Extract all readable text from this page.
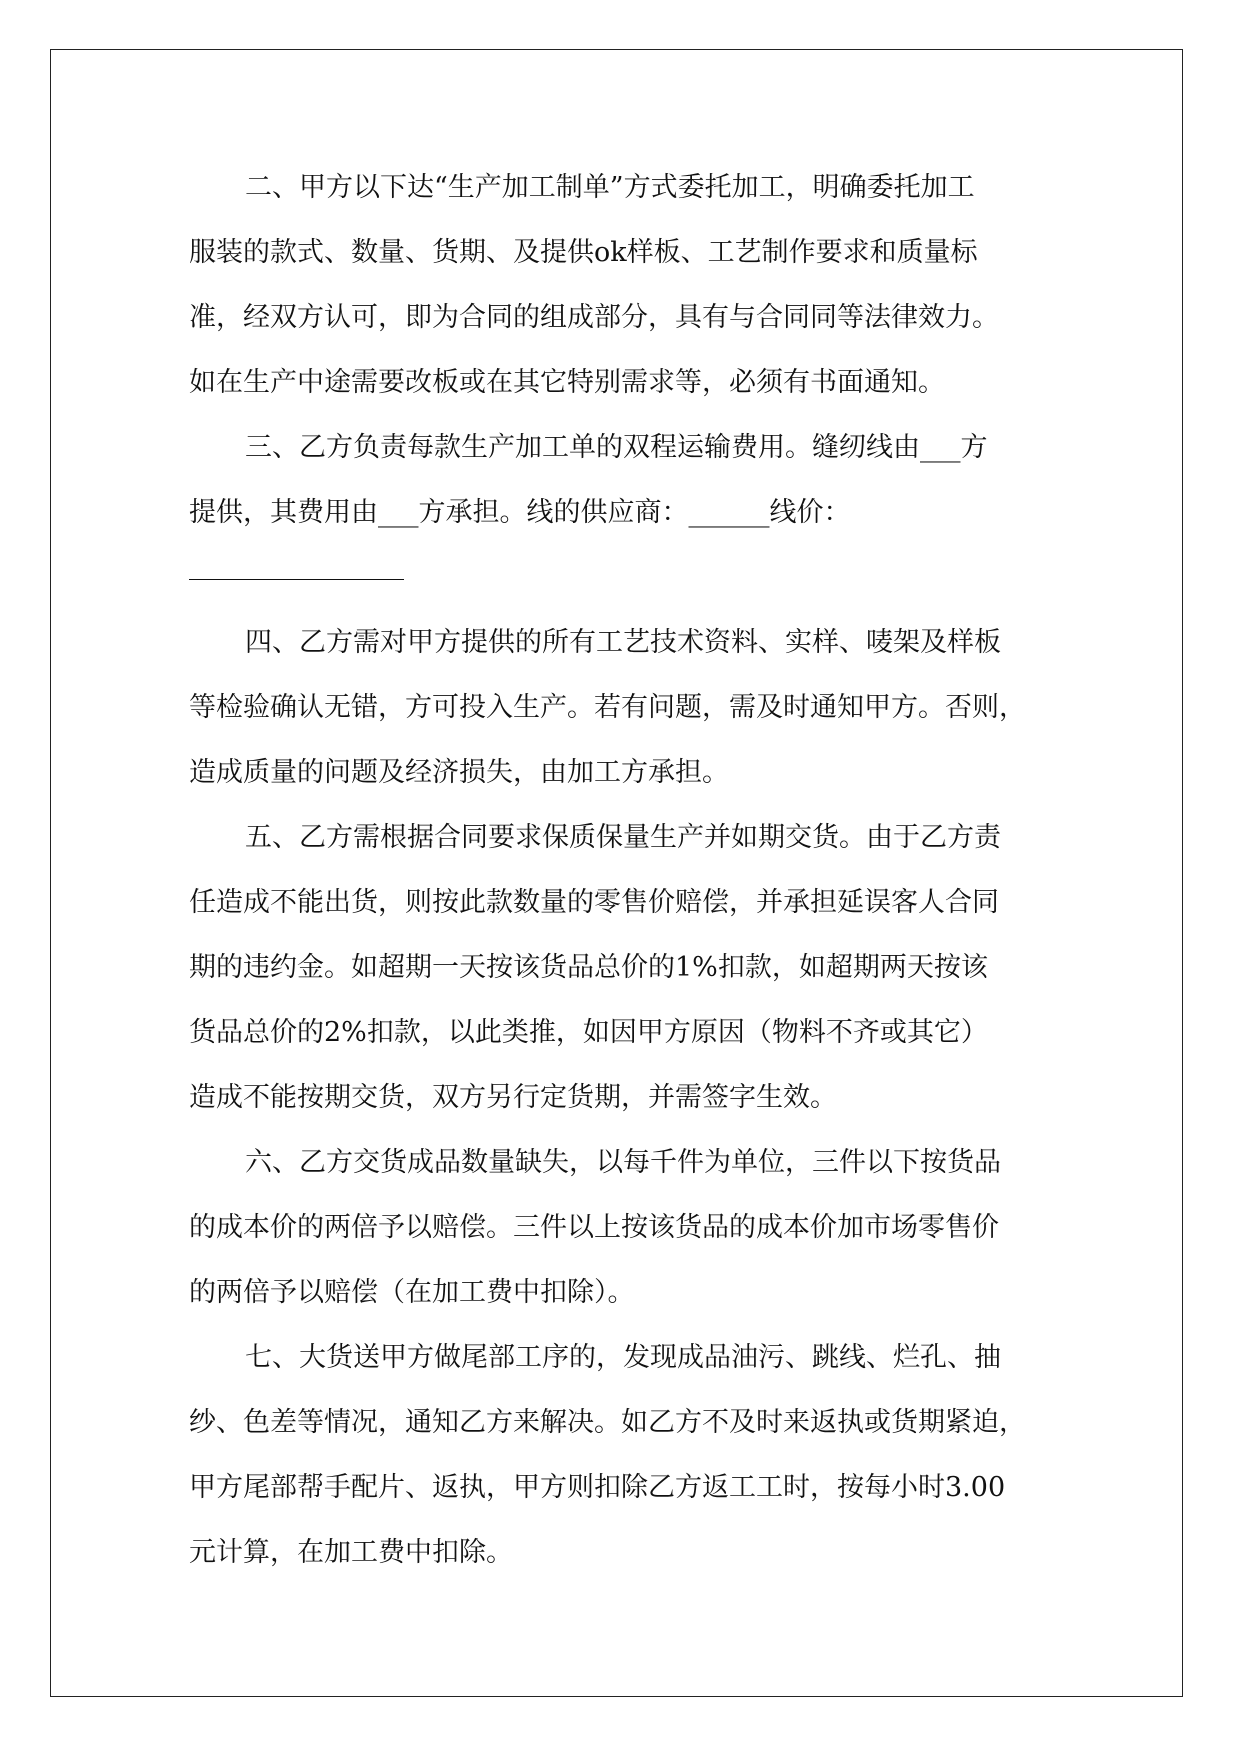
二、甲方以下达“生产加工制单”方式委托加工，明确委托加工
服装的款式、数量、货期、及提供ok样板、工艺制作要求和质量标
准，经双方认可，即为合同的组成部分，具有与合同同等法律效力。
如在生产中途需要改板或在其它特别需求等，必须有书面通知。
三、乙方负责每款生产加工单的双程运输费用。缝纫线由___方
提供，其费用由___方承担。线的供应商：______线价：
四、乙方需对甲方提供的所有工艺技术资料、实样、唛架及样板
等检验确认无错，方可投入生产。若有问题，需及时通知甲方。否则，
造成质量的问题及经济损失，由加工方承担。
五、乙方需根据合同要求保质保量生产并如期交货。由于乙方责
任造成不能出货，则按此款数量的零售价赔偿，并承担延误客人合同
期的违约金。如超期一天按该货品总价的1%扣款，如超期两天按该
货品总价的2%扣款，以此类推，如因甲方原因（物料不齐或其它）
造成不能按期交货，双方另行定货期，并需签字生效。
六、乙方交货成品数量缺失，以每千件为单位，三件以下按货品
的成本价的两倍予以赔偿。三件以上按该货品的成本价加市场零售价
的两倍予以赔偿（在加工费中扣除）。
七、大货送甲方做尾部工序的，发现成品油污、跳线、烂孔、抽
纱、色差等情况，通知乙方来解决。如乙方不及时来返执或货期紧迫，
甲方尾部帮手配片、返执，甲方则扣除乙方返工工时，按每小时3.00
元计算，在加工费中扣除。
